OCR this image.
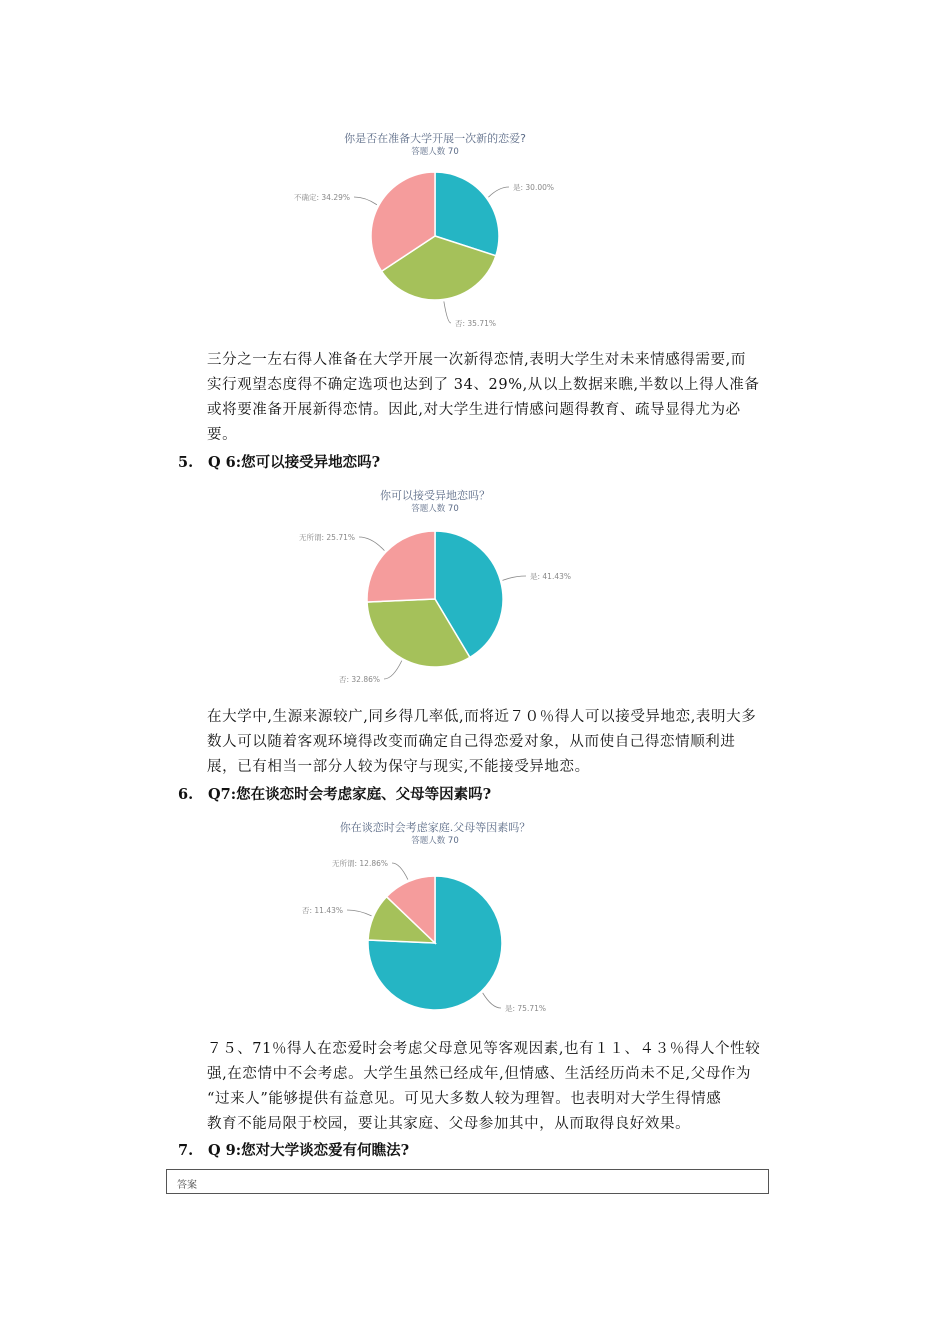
你是否在准备大学开展一次新的恋爱?
答题人数 70
是: 30.00%
否: 35.71%
不确定: 34.29%
三分之一左右得人准备在大学开展一次新得恋情,表明大学生对未来情感得需要,而
实行观望态度得不确定选项也达到了 34、29%,从以上数据来瞧,半数以上得人准备
或将要准备开展新得恋情。因此,对大学生进行情感问题得教育、疏导显得尤为必
要。
5. Q 6:您可以接受异地恋吗?
你可以接受异地恋吗？
答题人数 70
是: 41.43%
否: 32.86%
无所谓: 25.71%
在大学中,生源来源较广,同乡得几率低,而将近７０％得人可以接受异地恋,表明大多
数人可以随着客观环境得改变而确定自己得恋爱对象，从而使自己得恋情顺利进
展，已有相当一部分人较为保守与现实,不能接受异地恋。
6. Q7:您在谈恋时会考虑家庭、父母等因素吗?
你在谈恋时会考虑家庭.父母等因素吗？
答题人数 70
是: 75.71%
否: 11.43%
无所谓: 12.86%
７５、71％得人在恋爱时会考虑父母意见等客观因素,也有１１、４３％得人个性较
强,在恋情中不会考虑。大学生虽然已经成年,但情感、生活经历尚未不足,父母作为
“过来人”能够提供有益意见。可见大多数人较为理智。也表明对大学生得情感
教育不能局限于校园，要让其家庭、父母参加其中，从而取得良好效果。
7. Q 9:您对大学谈恋爱有何瞧法?
答案
